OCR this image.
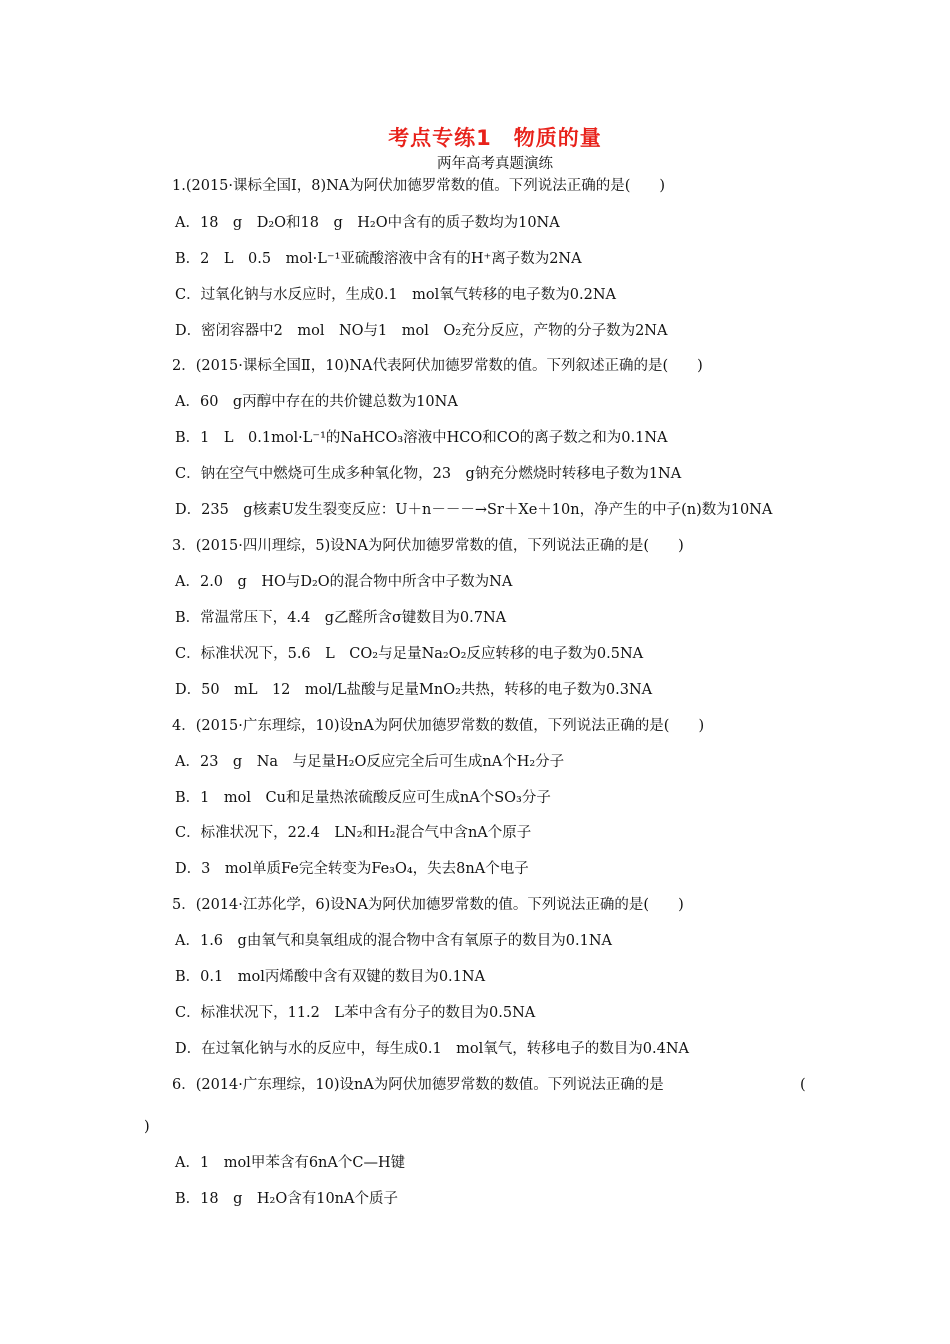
考点专练1　物质的量
两年高考真题演练
1.(2015·课标全国Ⅰ，8)NA为阿伏加德罗常数的值。下列说法正确的是(　　)
A．18　g　D₂O和18　g　H₂O中含有的质子数均为10NA
B．2　L　0.5　mol·L⁻¹亚硫酸溶液中含有的H⁺离子数为2NA
C．过氧化钠与水反应时，生成0.1　mol氧气转移的电子数为0.2NA
D．密闭容器中2　mol　NO与1　mol　O₂充分反应，产物的分子数为2NA
2．(2015·课标全国Ⅱ，10)NA代表阿伏加德罗常数的值。下列叙述正确的是(　　)
A．60　g丙醇中存在的共价键总数为10NA
B．1　L　0.1mol·L⁻¹的NaHCO₃溶液中HCO和CO的离子数之和为0.1NA
C．钠在空气中燃烧可生成多种氧化物，23　g钠充分燃烧时转移电子数为1NA
D．235　g核素U发生裂变反应：U＋n－－－→Sr＋Xe＋10n，净产生的中子(n)数为10NA
3．(2015·四川理综，5)设NA为阿伏加德罗常数的值，下列说法正确的是(　　)
A．2.0　g　HO与D₂O的混合物中所含中子数为NA
B．常温常压下，4.4　g乙醛所含σ键数目为0.7NA
C．标准状况下，5.6　L　CO₂与足量Na₂O₂反应转移的电子数为0.5NA
D．50　mL　12　mol/L盐酸与足量MnO₂共热，转移的电子数为0.3NA
4．(2015·广东理综，10)设nA为阿伏加德罗常数的数值，下列说法正确的是(　　)
A．23　g　Na　与足量H₂O反应完全后可生成nA个H₂分子
B．1　mol　Cu和足量热浓硫酸反应可生成nA个SO₃分子
C．标准状况下，22.4　LN₂和H₂混合气中含nA个原子
D．3　mol单质Fe完全转变为Fe₃O₄，失去8nA个电子
5．(2014·江苏化学，6)设NA为阿伏加德罗常数的值。下列说法正确的是(　　)
A．1.6　g由氧气和臭氧组成的混合物中含有氧原子的数目为0.1NA
B．0.1　mol丙烯酸中含有双键的数目为0.1NA
C．标准状况下，11.2　L苯中含有分子的数目为0.5NA
D．在过氧化钠与水的反应中，每生成0.1　mol氧气，转移电子的数目为0.4NA
6．(2014·广东理综，10)设nA为阿伏加德罗常数的数值。下列说法正确的是	(
)
A．1　mol甲苯含有6nA个C—H键
B．18　g　H₂O含有10nA个质子
